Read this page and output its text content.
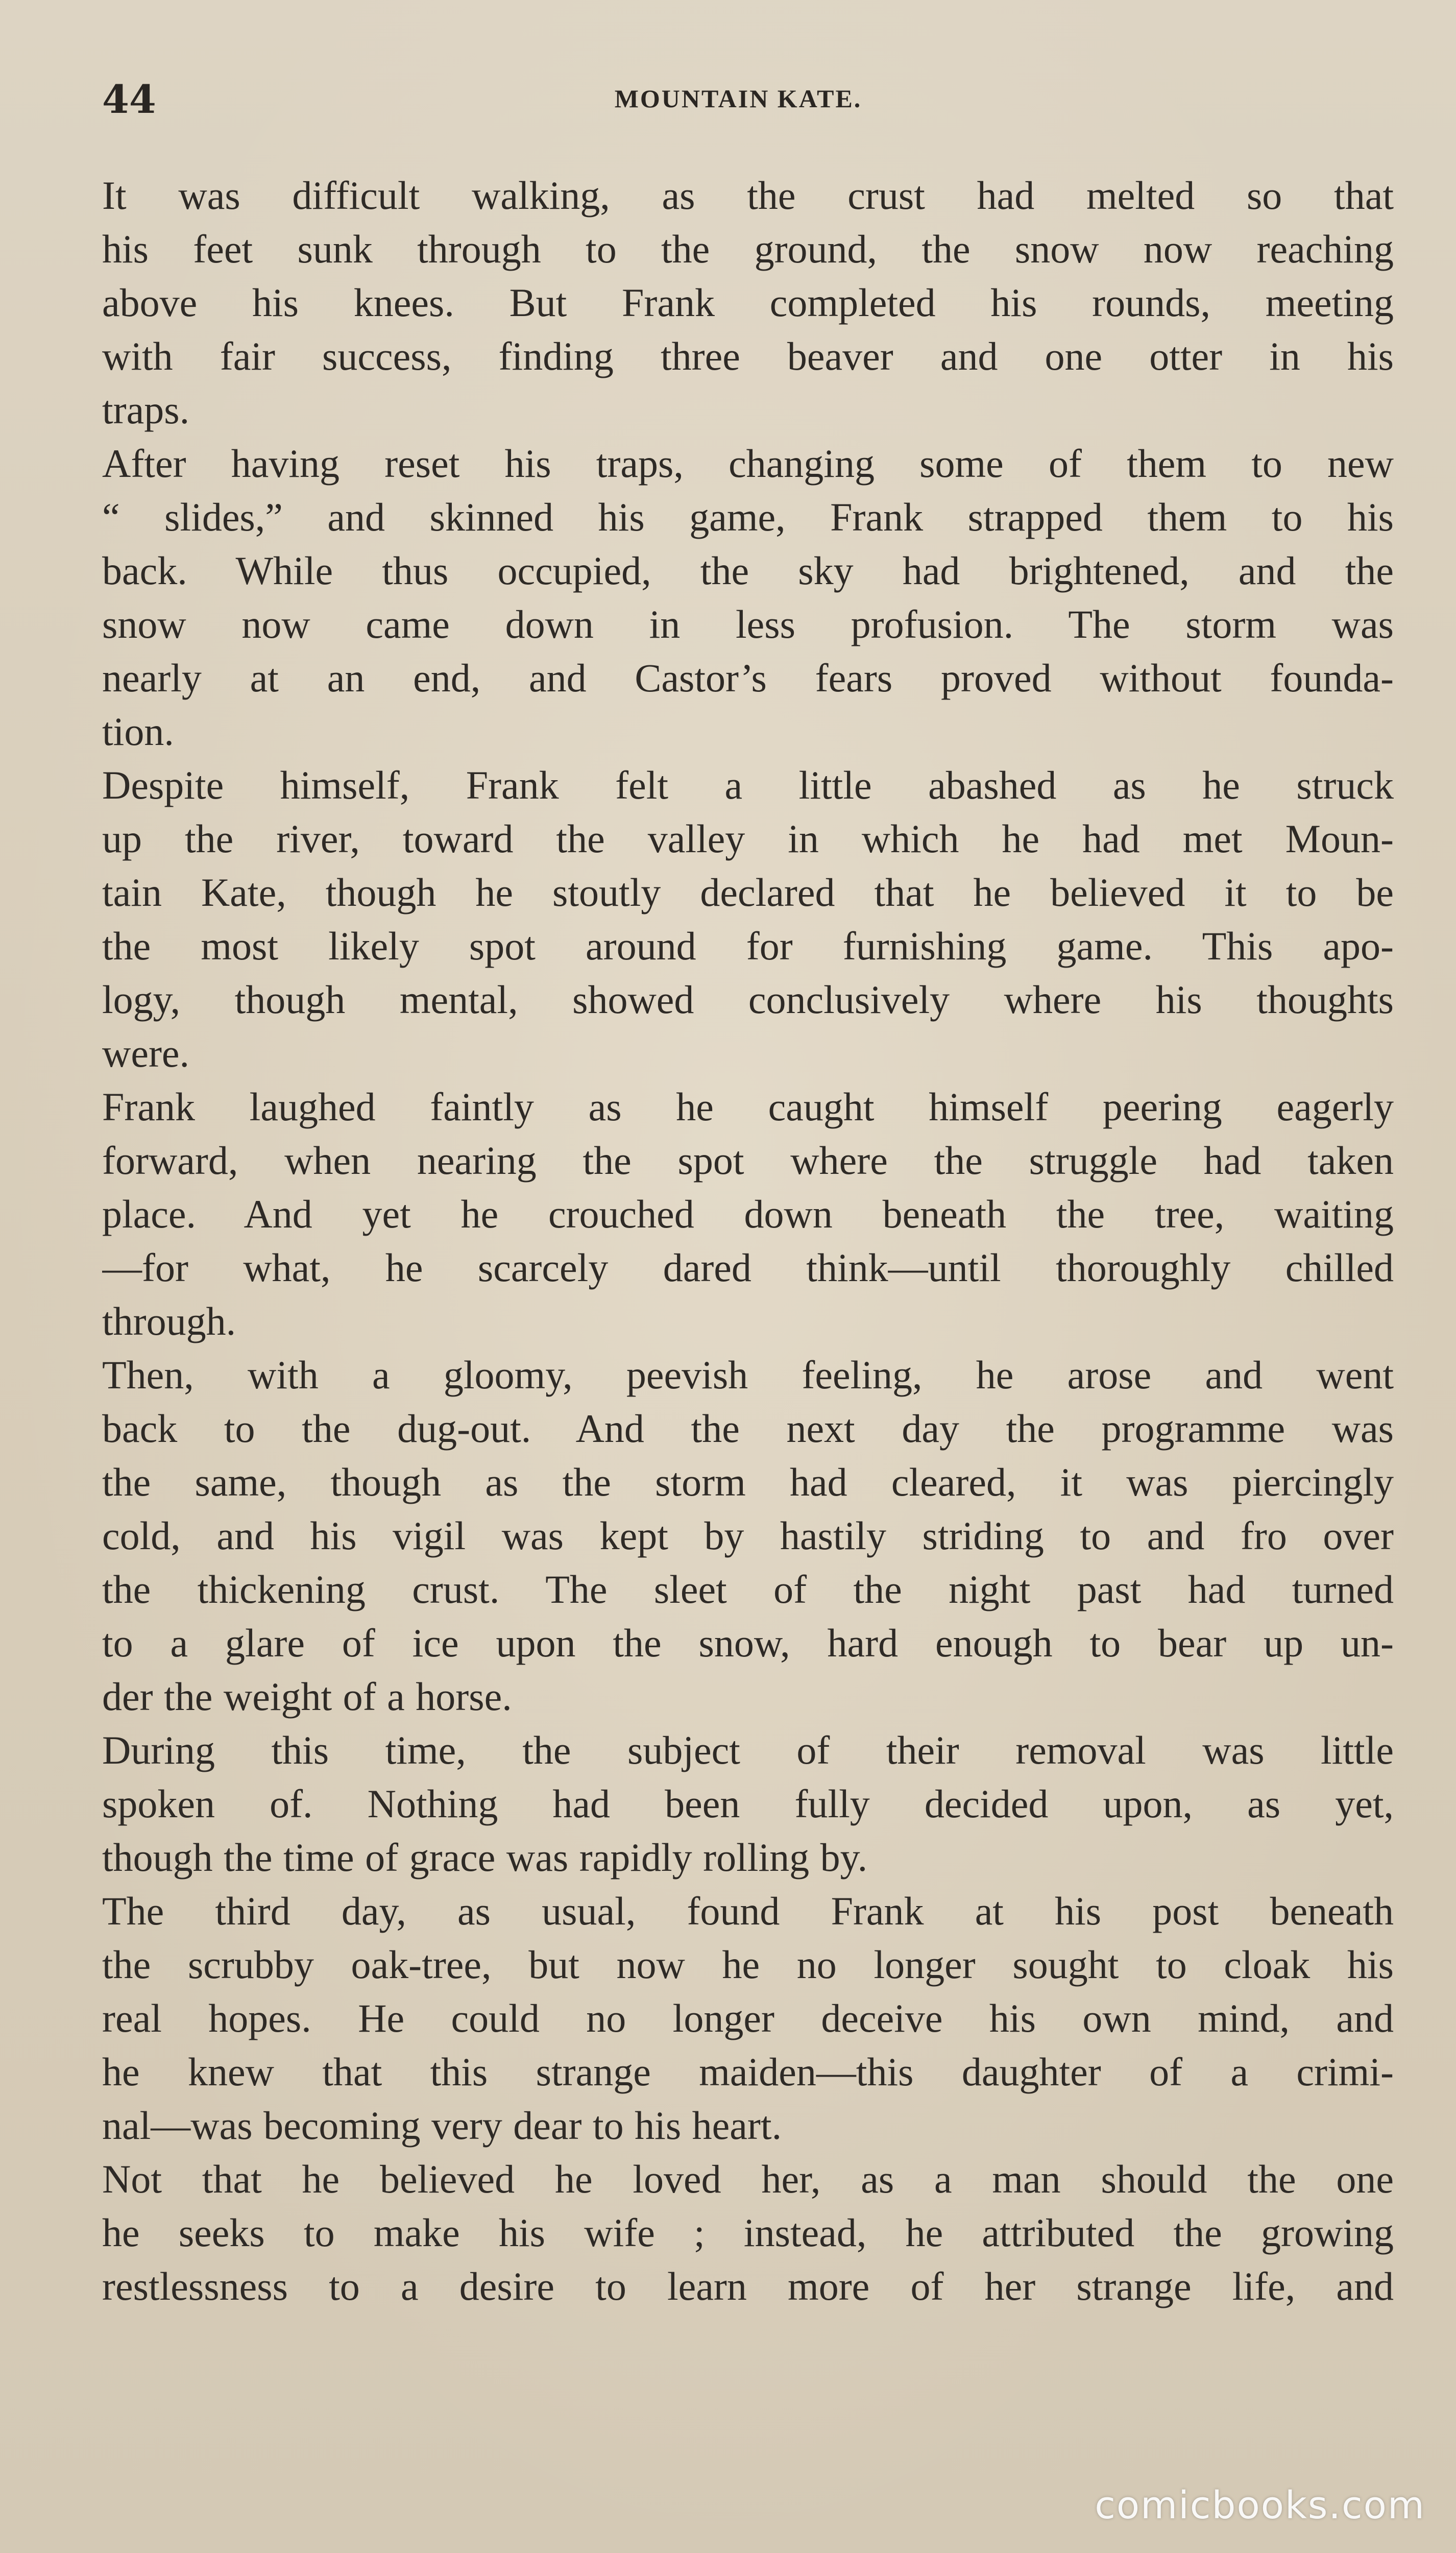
44	MOUNTAIN KATE.

It was difficult walking, as the crust had melted so that
his feet sunk through to the ground, the snow now reaching
above his knees. But Frank completed his rounds, meeting
with fair success, finding three beaver and one otter in his
traps.

After having reset his traps, changing some of them to new
“ slides,” and skinned his game, Frank strapped them to his
back. While thus occupied, the sky had brightened, and the
snow now came down in less profusion. The storm was
nearly at an end, and Castor’s fears proved without founda-
tion.

Despite himself, Frank felt a little abashed as he struck
up the river, toward the valley in which he had met Moun-
tain Kate, though he stoutly declared that he believed it to be
the most likely spot around for furnishing game. This apo-
logy, though mental, showed conclusively where his thoughts
were.

Frank laughed faintly as he caught himself peering eagerly
forward, when nearing the spot where the struggle had taken
place. And yet he crouched down beneath the tree, waiting
—for what, he scarcely dared think—until thoroughly chilled
through.

Then, with a gloomy, peevish feeling, he arose and went
back to the dug-out. And the next day the programme was
the same, though as the storm had cleared, it was piercingly
cold, and his vigil was kept by hastily striding to and fro over
the thickening crust. The sleet of the night past had turned
to a glare of ice upon the snow, hard enough to bear up un-
der the weight of a horse.

During this time, the subject of their removal was little
spoken of. Nothing had been fully decided upon, as yet,
though the time of grace was rapidly rolling by.

The third day, as usual, found Frank at his post beneath
the scrubby oak-tree, but now he no longer sought to cloak his
real hopes. He could no longer deceive his own mind, and
he knew that this strange maiden—this daughter of a crimi-
nal—was becoming very dear to his heart.

Not that he believed he loved her, as a man should the one
he seeks to make his wife ; instead, he attributed the growing
restlessness to a desire to learn more of her strange life, and

comicbooks.com
